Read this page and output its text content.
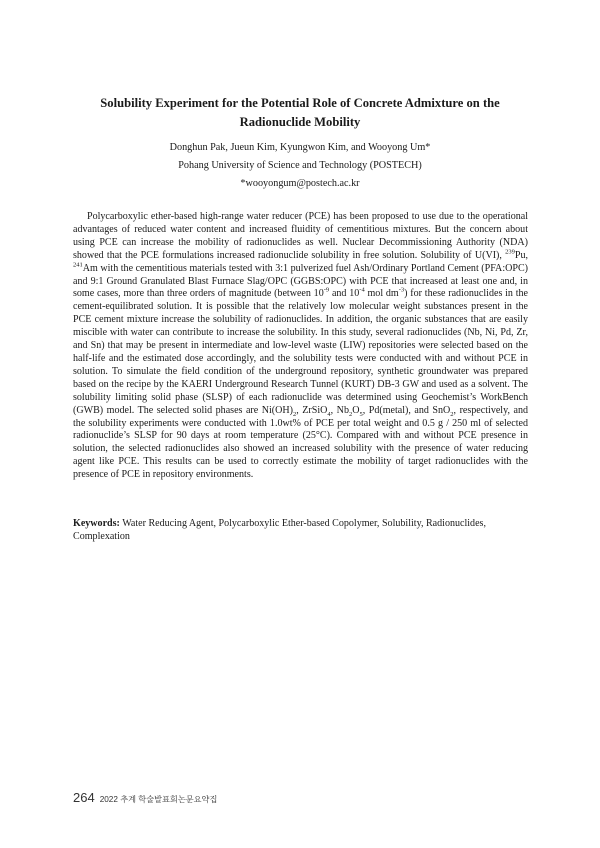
Solubility Experiment for the Potential Role of Concrete Admixture on the Radionuclide Mobility
Donghun Pak, Jueun Kim, Kyungwon Kim, and Wooyong Um*
Pohang University of Science and Technology (POSTECH)
*wooyongum@postech.ac.kr

Polycarboxylic ether-based high-range water reducer (PCE) has been proposed to use due to the operational advantages of reduced water content and increased fluidity of cementitious mixtures. But the concern about using PCE can increase the mobility of radionuclides as well. Nuclear Decommissioning Authority (NDA) showed that the PCE formulations increased radionuclide solubility in free solution. Solubility of U(VI), $^{239}$Pu, $^{241}$Am with the cementitious materials tested with 3:1 pulverized fuel Ash/Ordinary Portland Cement (PFA:OPC) and 9:1 Ground Granulated Blast Furnace Slag/OPC (GGBS:OPC) with PCE that increased at least one and, in some cases, more than three orders of magnitude (between $10^{-9}$ and $10^{-4}$ mol $dm^{-3}$) for these radionuclides in the cement-equilibrated solution. It is possible that the relatively low molecular weight substances present in the PCE cement mixture increase the solubility of radionuclides. In addition, the organic substances that are easily miscible with water can contribute to increase the solubility. In this study, several radionuclides (Nb, Ni, Pd, Zr, and Sn) that may be present in intermediate and low-level waste (LIW) repositories were selected based on the half-life and the estimated dose accordingly, and the solubility tests were conducted with and without PCE in solution. To simulate the field condition of the underground repository, synthetic groundwater was prepared based on the recipe by the KAERI Underground Research Tunnel (KURT) DB-3 GW and used as a solvent. The solubility limiting solid phase (SLSP) of each radionuclide was determined using Geochemist’s WorkBench (GWB) model. The selected solid phases are $Ni(OH)_2$, ZrSiO$_4$, $Nb_2O_5$, Pd(metal), and SnO$_2$, respectively, and the solubility experiments were conducted with 1.0wt% of PCE per total weight and 0.5 g / 250 ml of selected radionuclide’s SLSP for 90 days at room temperature (25°C). Compared with and without PCE presence in solution, the selected radionuclides also showed an increased solubility with the presence of water reducing agent like PCE. This results can be used to correctly estimate the mobility of target radionuclides with the presence of PCE in repository environments.

Keywords: Water Reducing Agent, Polycarboxylic Ether-based Copolymer, Solubility, Radionuclides, Complexation

264 2022 추계 학술발표회논문요약집
